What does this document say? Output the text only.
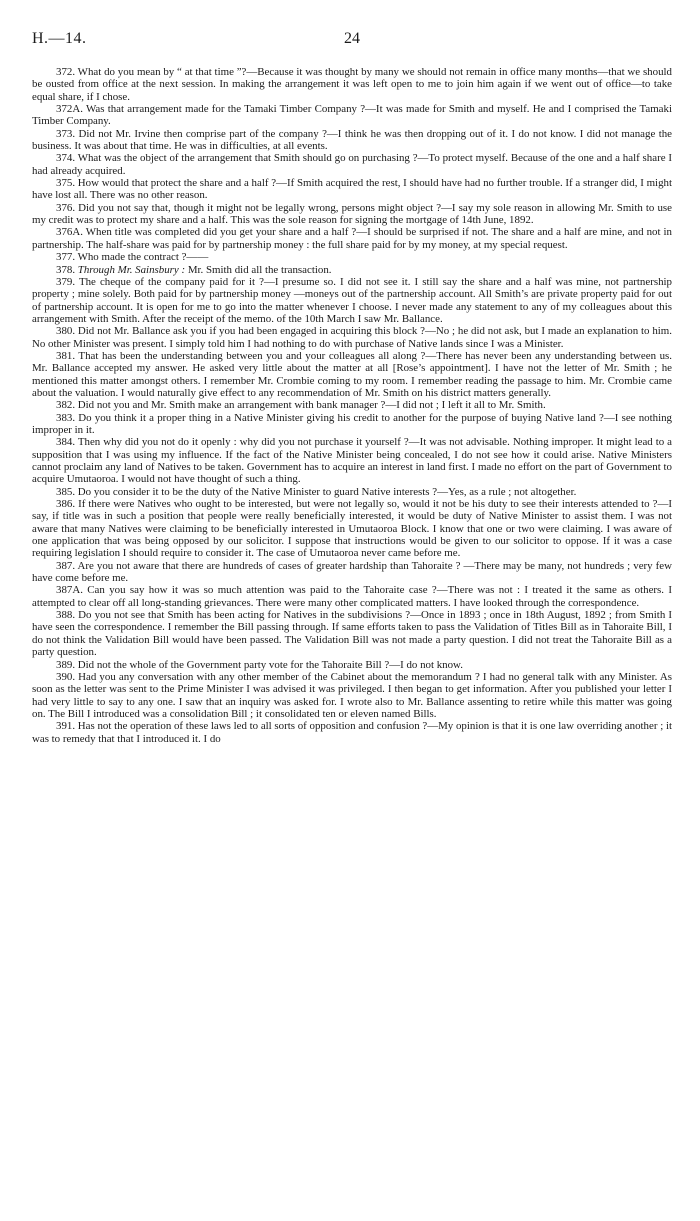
H.—14.	24

372. What do you mean by “ at that time ”?—Because it was thought by many we should not remain in office many months—that we should be ousted from office at the next session. In making the arrangement it was left open to me to join him again if we went out of office—to take equal share, if I chose.

372A. Was that arrangement made for the Tamaki Timber Company ?—It was made for Smith and myself. He and I comprised the Tamaki Timber Company.

373. Did not Mr. Irvine then comprise part of the company ?—I think he was then dropping out of it. I do not know. I did not manage the business. It was about that time. He was in difficulties, at all events.

374. What was the object of the arrangement that Smith should go on purchasing ?—To protect myself. Because of the one and a half share I had already acquired.

375. How would that protect the share and a half ?—If Smith acquired the rest, I should have had no further trouble. If a stranger did, I might have lost all. There was no other reason.

376. Did you not say that, though it might not be legally wrong, persons might object ?—I say my sole reason in allowing Mr. Smith to use my credit was to protect my share and a half. This was the sole reason for signing the mortgage of 14th June, 1892.

376A. When title was completed did you get your share and a half ?—I should be surprised if not. The share and a half are mine, and not in partnership. The half-share was paid for by partnership money : the full share paid for by my money, at my special request.

377. Who made the contract ?——

378. Through Mr. Sainsbury : Mr. Smith did all the transaction.

379. The cheque of the company paid for it ?—I presume so. I did not see it. I still say the share and a half was mine, not partnership property ; mine solely. Both paid for by partnership money —moneys out of the partnership account. All Smith’s are private property paid for out of partnership account. It is open for me to go into the matter whenever I choose. I never made any statement to any of my colleagues about this arrangement with Smith. After the receipt of the memo. of the 10th March I saw Mr. Ballance.

380. Did not Mr. Ballance ask you if you had been engaged in acquiring this block ?—No ; he did not ask, but I made an explanation to him. No other Minister was present. I simply told him I had nothing to do with purchase of Native lands since I was a Minister.

381. That has been the understanding between you and your colleagues all along ?—There has never been any understanding between us. Mr. Ballance accepted my answer. He asked very little about the matter at all [Rose’s appointment]. I have not the letter of Mr. Smith ; he mentioned this matter amongst others. I remember Mr. Crombie coming to my room. I remember reading the passage to him. Mr. Crombie came about the valuation. I would naturally give effect to any recommendation of Mr. Smith on his district matters generally.

382. Did not you and Mr. Smith make an arrangement with bank manager ?—I did not ; I left it all to Mr. Smith.

383. Do you think it a proper thing in a Native Minister giving his credit to another for the purpose of buying Native land ?—I see nothing improper in it.

384. Then why did you not do it openly : why did you not purchase it yourself ?—It was not advisable. Nothing improper. It might lead to a supposition that I was using my influence. If the fact of the Native Minister being concealed, I do not see how it could arise. Native Ministers cannot proclaim any land of Natives to be taken. Government has to acquire an interest in land first. I made no effort on the part of Government to acquire Umutaoroa. I would not have thought of such a thing.

385. Do you consider it to be the duty of the Native Minister to guard Native interests ?—Yes, as a rule ; not altogether.

386. If there were Natives who ought to be interested, but were not legally so, would it not be his duty to see their interests attended to ?—I say, if title was in such a position that people were really beneficially interested, it would be duty of Native Minister to assist them. I was not aware that many Natives were claiming to be beneficially interested in Umutaoroa Block. I know that one or two were claiming. I was aware of one application that was being opposed by our solicitor. I suppose that instructions would be given to our solicitor to oppose. If it was a case requiring legislation I should require to consider it. The case of Umutaoroa never came before me.

387. Are you not aware that there are hundreds of cases of greater hardship than Tahoraite ? —There may be many, not hundreds ; very few have come before me.

387A. Can you say how it was so much attention was paid to the Tahoraite case ?—There was not : I treated it the same as others. I attempted to clear off all long-standing grievances. There were many other complicated matters. I have looked through the correspondence.

388. Do you not see that Smith has been acting for Natives in the subdivisions ?—Once in 1893 ; once in 18th August, 1892 ; from Smith I have seen the correspondence. I remember the Bill passing through. If same efforts taken to pass the Validation of Titles Bill as in Tahoraite Bill, I do not think the Validation Bill would have been passed. The Validation Bill was not made a party question. I did not treat the Tahoraite Bill as a party question.

389. Did not the whole of the Government party vote for the Tahoraite Bill ?—I do not know.

390. Had you any conversation with any other member of the Cabinet about the memorandum ? I had no general talk with any Minister. As soon as the letter was sent to the Prime Minister I was advised it was privileged. I then began to get information. After you published your letter I had very little to say to any one. I saw that an inquiry was asked for. I wrote also to Mr. Ballance assenting to retire while this matter was going on. The Bill I introduced was a consolidation Bill ; it consolidated ten or eleven named Bills.

391. Has not the operation of these laws led to all sorts of opposition and confusion ?—My opinion is that it is one law overriding another ; it was to remedy that that I introduced it. I do
